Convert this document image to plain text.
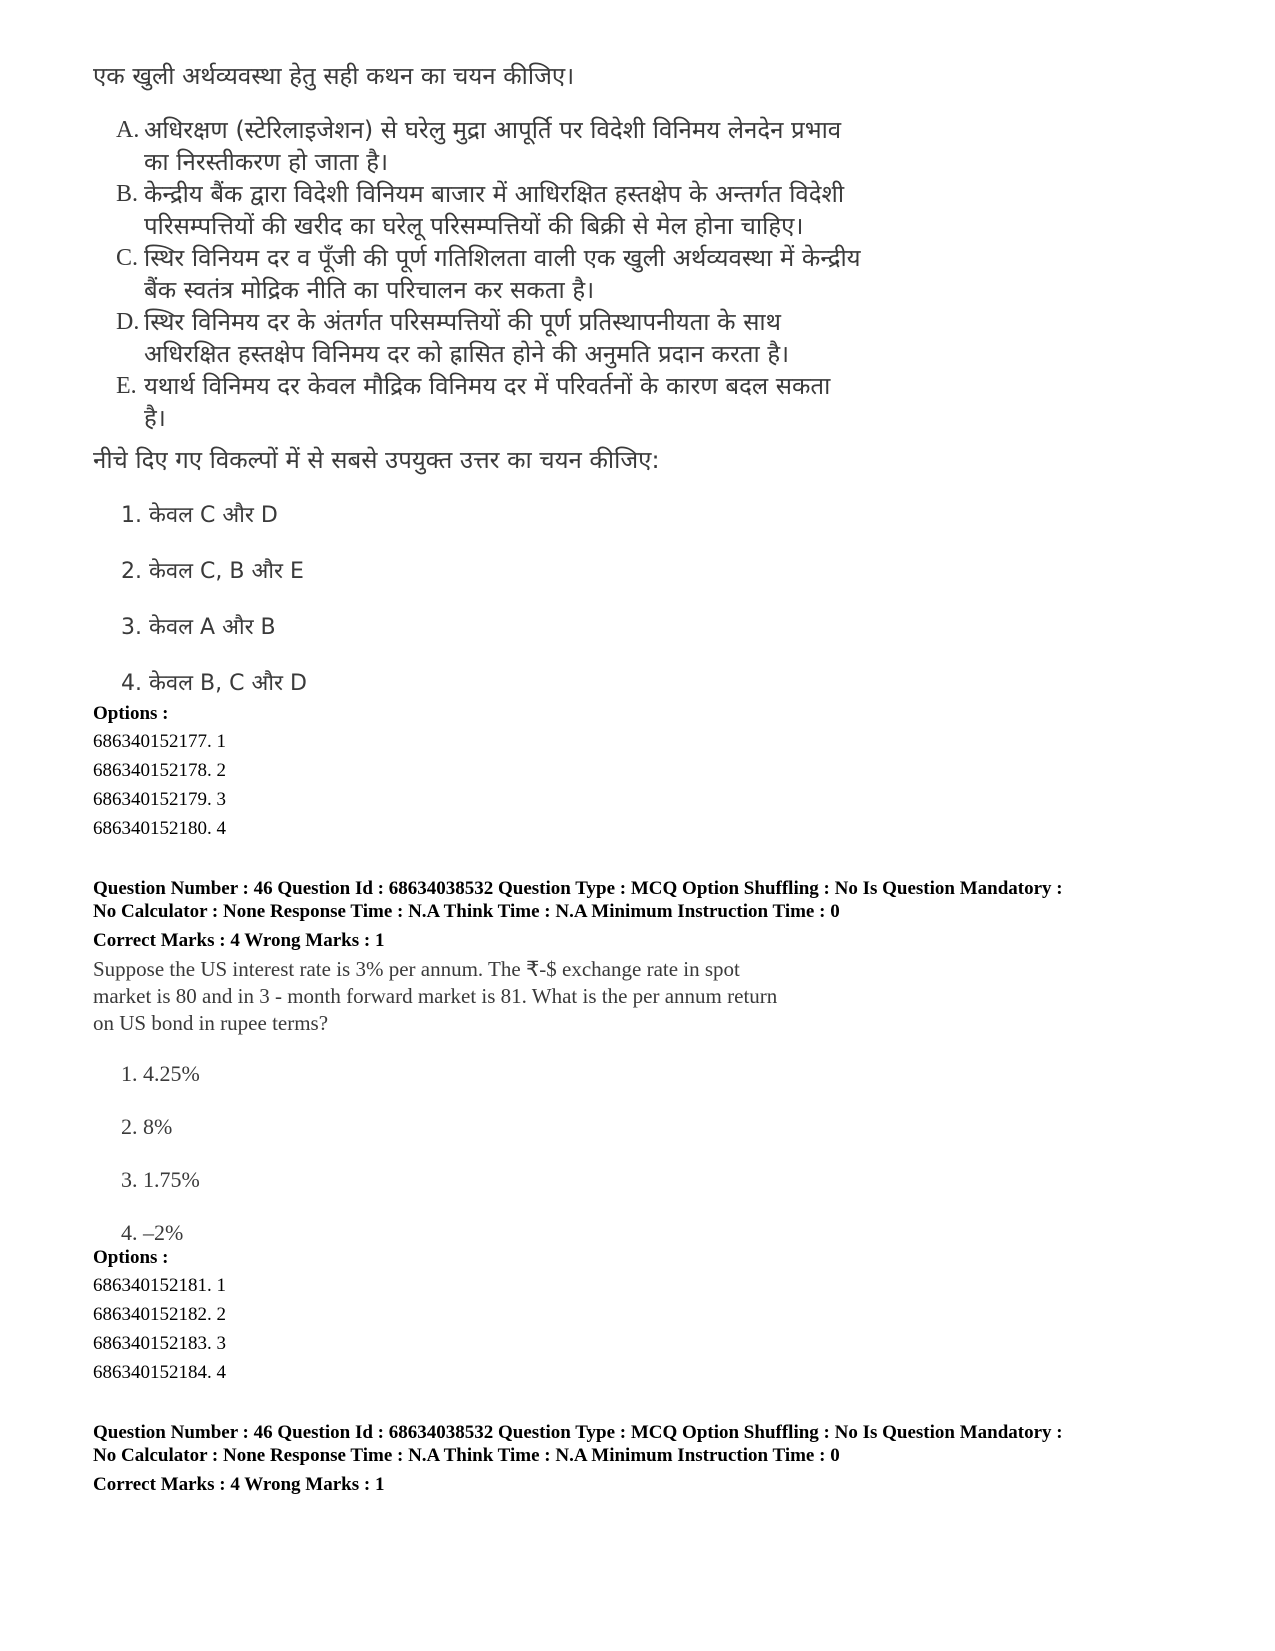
एक खुली अर्थव्यवस्था हेतु सही कथन का चयन कीजिए।
A. अधिरक्षण (स्टेरिलाइजेशन) से घरेलु मुद्रा आपूर्ति पर विदेशी विनिमय लेनदेन प्रभाव
का निरस्तीकरण हो जाता है।
B. केन्द्रीय बैंक द्वारा विदेशी विनियम बाजार में आधिरक्षित हस्तक्षेप के अन्तर्गत विदेशी
परिसम्पत्तियों की खरीद का घरेलू परिसम्पत्तियों की बिक्री से मेल होना चाहिए।
C. स्थिर विनियम दर व पूँजी की पूर्ण गतिशिलता वाली एक खुली अर्थव्यवस्था में केन्द्रीय
बैंक स्वतंत्र मोद्रिक नीति का परिचालन कर सकता है।
D. स्थिर विनिमय दर के अंतर्गत परिसम्पत्तियों की पूर्ण प्रतिस्थापनीयता के साथ
अधिरक्षित हस्तक्षेप विनिमय दर को ह्रासित होने की अनुमति प्रदान करता है।
E. यथार्थ विनिमय दर केवल मौद्रिक विनिमय दर में परिवर्तनों के कारण बदल सकता
है।
नीचे दिए गए विकल्पों में से सबसे उपयुक्त उत्तर का चयन कीजिए:
1. केवल C और D
2. केवल C, B और E
3. केवल A और B
4. केवल B, C और D
Options :
686340152177. 1
686340152178. 2
686340152179. 3
686340152180. 4
Question Number : 46 Question Id : 68634038532 Question Type : MCQ Option Shuffling : No Is Question Mandatory :
No Calculator : None Response Time : N.A Think Time : N.A Minimum Instruction Time : 0
Correct Marks : 4 Wrong Marks : 1
Suppose the US interest rate is 3% per annum. The ₹-$ exchange rate in spot
market is 80 and in 3 - month forward market is 81. What is the per annum return
on US bond in rupee terms?
1. 4.25%
2. 8%
3. 1.75%
4. –2%
Options :
686340152181. 1
686340152182. 2
686340152183. 3
686340152184. 4
Question Number : 46 Question Id : 68634038532 Question Type : MCQ Option Shuffling : No Is Question Mandatory :
No Calculator : None Response Time : N.A Think Time : N.A Minimum Instruction Time : 0
Correct Marks : 4 Wrong Marks : 1
